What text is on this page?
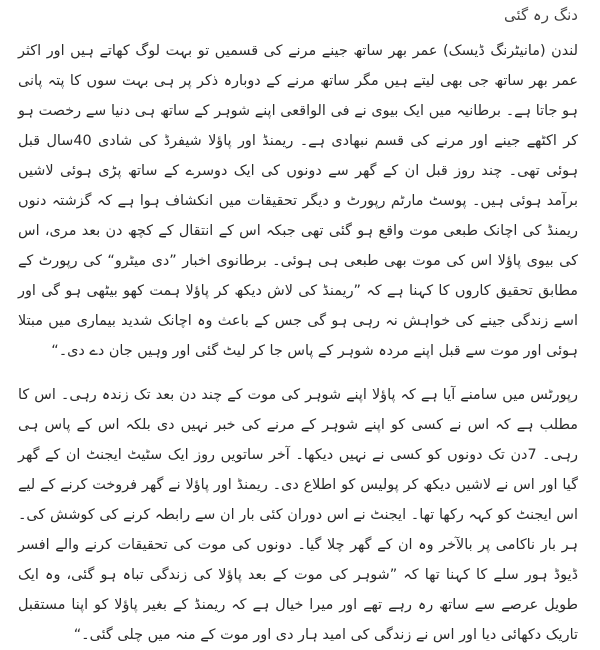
دنگ رہ گئی

لندن (مانیٹرنگ ڈیسک) عمر بھر ساتھ جینے مرنے کی قسمیں تو بہت لوگ کھاتے ہیں اور اکثر عمر بھر ساتھ جی بھی لیتے ہیں مگر ساتھ مرنے کے دوبارہ ذکر پر ہی بہت سوں کا پتہ پانی ہو جاتا ہے۔ برطانیہ میں ایک بیوی نے فی الواقعی اپنے شوہر کے ساتھ ہی دنیا سے رخصت ہو کر اکٹھے جینے اور مرنے کی قسم نبھادی ہے۔ ریمنڈ اور پاؤلا شیفرڈ کی شادی 40سال قبل ہوئی تھی۔ چند روز قبل ان کے گھر سے دونوں کی ایک دوسرے کے ساتھ پڑی ہوئی لاشیں برآمد ہوئی ہیں۔ پوسٹ مارٹم رپورٹ و دیگر تحقیقات میں انکشاف ہوا ہے کہ گزشتہ دنوں ریمنڈ کی اچانک طبعی موت واقع ہو گئی تھی جبکہ اس کے انتقال کے کچھ دن بعد مری، اس کی بیوی پاؤلا اس کی موت بھی طبعی ہی ہوئی۔ برطانوی اخبار ”دی میٹرو“ کی رپورٹ کے مطابق تحقیق کاروں کا کہنا ہے کہ ”ریمنڈ کی لاش دیکھ کر پاؤلا ہمت کھو بیٹھی ہو گی اور اسے زندگی جینے کی خواہش نہ رہی ہو گی جس کے باعث وہ اچانک شدید بیماری میں مبتلا ہوئی اور موت سے قبل اپنے مردہ شوہر کے پاس جا کر لیٹ گئی اور وہیں جان دے دی۔“

رپورٹس میں سامنے آیا ہے کہ پاؤلا اپنے شوہر کی موت کے چند دن بعد تک زندہ رہی۔ اس کا مطلب ہے کہ اس نے کسی کو اپنے شوہر کے مرنے کی خبر نہیں دی بلکہ اس کے پاس ہی رہی۔ 7دن تک دونوں کو کسی نے نہیں دیکھا۔ آخر ساتویں روز ایک سٹیٹ ایجنٹ ان کے گھر گیا اور اس نے لاشیں دیکھ کر پولیس کو اطلاع دی۔ ریمنڈ اور پاؤلا نے گھر فروخت کرنے کے لیے اس ایجنٹ کو کہہ رکھا تھا۔ ایجنٹ نے اس دوران کئی بار ان سے رابطہ کرنے کی کوشش کی۔ ہر بار ناکامی پر بالآخر وہ ان کے گھر چلا گیا۔ دونوں کی موت کی تحقیقات کرنے والے افسر ڈیوڈ ہور سلے کا کہنا تھا کہ ”شوہر کی موت کے بعد پاؤلا کی زندگی تباہ ہو گئی، وہ ایک طویل عرصے سے ساتھ رہ رہے تھے اور میرا خیال ہے کہ ریمنڈ کے بغیر پاؤلا کو اپنا مستقبل تاریک دکھائی دیا اور اس نے زندگی کی امید ہار دی اور موت کے منہ میں چلی گئی۔“
